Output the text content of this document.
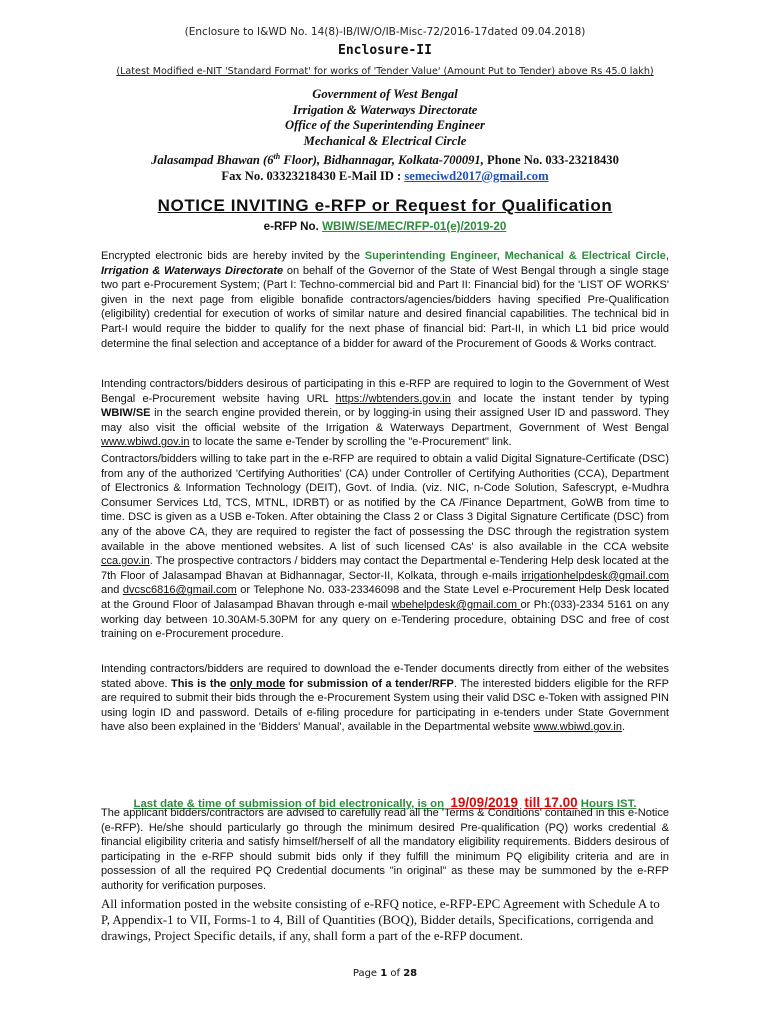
(Enclosure to I&WD No. 14(8)-IB/IW/O/IB-Misc-72/2016-17dated 09.04.2018)
Enclosure-II
(Latest Modified e-NIT 'Standard Format' for works of 'Tender Value' (Amount Put to Tender) above Rs 45.0 lakh)
Government of West Bengal
Irrigation & Waterways Directorate
Office of the Superintending Engineer
Mechanical & Electrical Circle
Jalasampad Bhawan (6th Floor), Bidhannagar, Kolkata-700091, Phone No. 033-23218430
Fax No. 03323218430 E-Mail ID : semeciwd2017@gmail.com
NOTICE INVITING e-RFP or Request for Qualification
e-RFP No. WBIW/SE/MEC/RFP-01(e)/2019-20
Encrypted electronic bids are hereby invited by the Superintending Engineer, Mechanical & Electrical Circle, Irrigation & Waterways Directorate on behalf of the Governor of the State of West Bengal through a single stage two part e-Procurement System; (Part I: Techno-commercial bid and Part II: Financial bid) for the 'LIST OF WORKS' given in the next page from eligible bonafide contractors/agencies/bidders having specified Pre-Qualification (eligibility) credential for execution of works of similar nature and desired financial capabilities. The technical bid in Part-I would require the bidder to qualify for the next phase of financial bid: Part-II, in which L1 bid price would determine the final selection and acceptance of a bidder for award of the Procurement of Goods & Works contract.
Intending contractors/bidders desirous of participating in this e-RFP are required to login to the Government of West Bengal e-Procurement website having URL https://wbtenders.gov.in and locate the instant tender by typing WBIW/SE in the search engine provided therein, or by logging-in using their assigned User ID and password. They may also visit the official website of the Irrigation & Waterways Department, Government of West Bengal www.wbiwd.gov.in to locate the same e-Tender by scrolling the "e-Procurement" link.
Contractors/bidders willing to take part in the e-RFP are required to obtain a valid Digital Signature-Certificate (DSC) from any of the authorized 'Certifying Authorities' (CA) under Controller of Certifying Authorities (CCA), Department of Electronics & Information Technology (DEIT), Govt. of India. (viz. NIC, n-Code Solution, Safescrypt, e-Mudhra Consumer Services Ltd, TCS, MTNL, IDRBT) or as notified by the CA /Finance Department, GoWB from time to time. DSC is given as a USB e-Token. After obtaining the Class 2 or Class 3 Digital Signature Certificate (DSC) from any of the above CA, they are required to register the fact of possessing the DSC through the registration system available in the above mentioned websites. A list of such licensed CAs' is also available in the CCA website cca.gov.in. The prospective contractors / bidders may contact the Departmental e-Tendering Help desk located at the 7th Floor of Jalasampad Bhavan at Bidhannagar, Sector-II, Kolkata, through e-mails irrigationhelpdesk@gmail.com and dvcsc6816@gmail.com or Telephone No. 033-23346098 and the State Level e-Procurement Help Desk located at the Ground Floor of Jalasampad Bhavan through e-mail wbehelpdesk@gmail.com or Ph:(033)-2334 5161 on any working day between 10.30AM-5.30PM for any query on e-Tendering procedure, obtaining DSC and free of cost training on e-Procurement procedure.
Intending contractors/bidders are required to download the e-Tender documents directly from either of the websites stated above. This is the only mode for submission of a tender/RFP. The interested bidders eligible for the RFP are required to submit their bids through the e-Procurement System using their valid DSC e-Token with assigned PIN using login ID and password. Details of e-filing procedure for participating in e-tenders under State Government have also been explained in the 'Bidders' Manual', available in the Departmental website www.wbiwd.gov.in.
Last date & time of submission of bid electronically, is on 19/09/2019 till 17.00 Hours IST.
The applicant bidders/contractors are advised to carefully read all the 'Terms & Conditions' contained in this e-Notice (e-RFP). He/she should particularly go through the minimum desired Pre-qualification (PQ) works credential & financial eligibility criteria and satisfy himself/herself of all the mandatory eligibility requirements. Bidders desirous of participating in the e-RFP should submit bids only if they fulfill the minimum PQ eligibility criteria and are in possession of all the required PQ Credential documents "in original" as these may be summoned by the e-RFP authority for verification purposes.
All information posted in the website consisting of e-RFQ notice, e-RFP-EPC Agreement with Schedule A to P, Appendix-1 to VII, Forms-1 to 4, Bill of Quantities (BOQ), Bidder details, Specifications, corrigenda and drawings, Project Specific details, if any, shall form a part of the e-RFP document.
Page 1 of 28
